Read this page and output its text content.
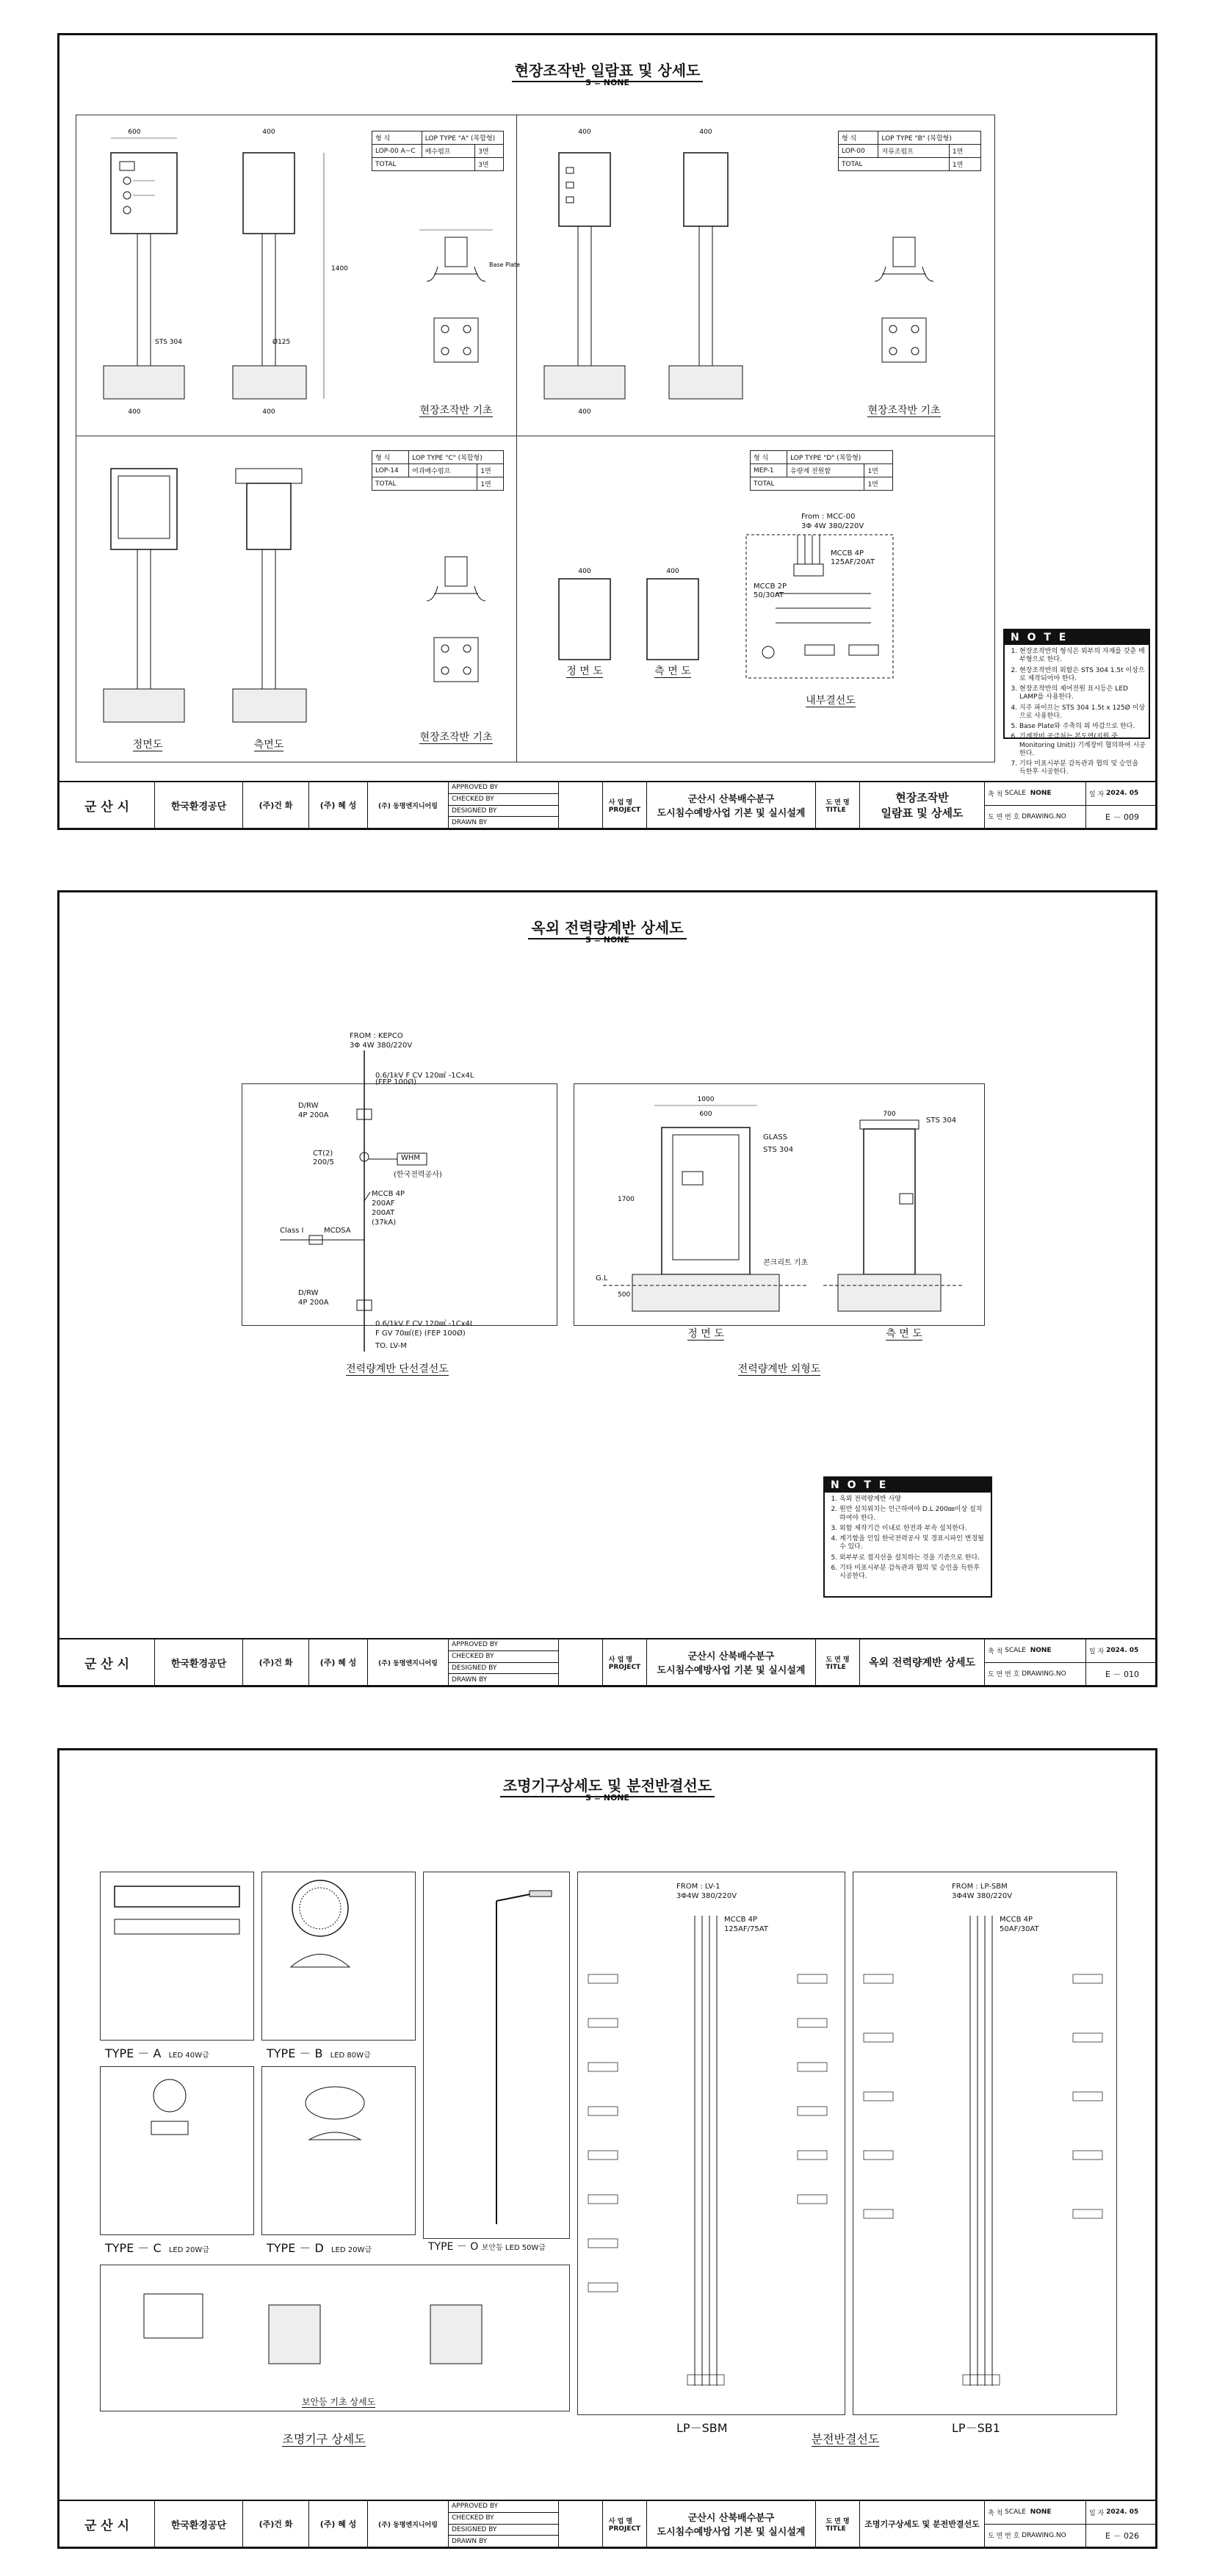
현장조작반 일람표 및 상세도
S = NONE
600	400
1400
STS 304	Ø125
400	400
형 식	LOP TYPE "A" (복합형)	
LOP-00 A~C	배수펌프	3면
TOTAL		3면
Base Plate
현장조작반 기초
400	400
400
형 식	LOP TYPE "B" (복합형)	
LOP-00	저류조펌프	1면
TOTAL		1면
현장조작반 기초
정면도	측면도
형 식	LOP TYPE "C" (복합형)	
LOP-14	여과배수펌프	1면
TOTAL		1면
현장조작반 기초
형 식	LOP TYPE "D" (복합형)	
MEP-1	유량계 전원함	1면
TOTAL		1면
400	400
정 면 도	측 면 도
From : MCC-00
3Φ 4W 380/220V
MCCB 4P
125AF/20AT
MCCB 2P
50/30AT
내부결선도
N O T E
1. 현장조작반의 형식은 외부의 자재를 갖춘 매부형으로 한다.
2. 현장조작반의 외함은 STS 304 1.5t 이상으로 제작되어야 한다.
3. 현장조작반의 제어전원 표시등은 LED LAMP를 사용한다.
4. 지주 파이프는 STS 304 1.5t x 125Ø 이상으로 사용한다.
5. Base Plate와 주축의 외 마감으로 한다.
6. 기계장비 공급처는 본도면(지원 중 Monitoring Unit)) 기계장비 협의하여 시공한다.
7. 기타 미표시부분 감독관과 협의 및 승인을 득한후 시공한다.
군 산 시	한국환경공단	(주)건 화	(주) 혜 성	(주) 동명엔지니어링
APPROVED BY
CHECKED BY
DESIGNED BY
DRAWN BY
사 업 명
PROJECT
군산시 산북배수분구
도시침수예방사업 기본 및 실시설계
도 면 명
TITLE
현장조작반
일람표 및 상세도
축 척
SCALE
NONE
도 면 번 호
DRAWING.NO
일 자
2024. 05
E － 009
옥외 전력량계반 상세도
S = NONE
FROM : KEPCO
3Φ 4W 380/220V
0.6/1kV F CV 120㎟ -1Cx4L
(FEP 100Ø)
D/RW
4P 200A
CT(2)
200/5
WHM
(한국전력공사)
MCCB 4P
200AF
200AT
(37kA)
Class I	MCDSA
D/RW
4P 200A
0.6/1kV F CV 120㎟ -1Cx4L
F GV 70㎟(E) (FEP 100Ø)
TO. LV-M
전력량계반 단선결선도
1000
700
1700
500
600
GLASS
STS 304
STS 304
콘크리트 기초
G.L
정 면 도	측 면 도
전력량계반 외형도
N O T E
1. 옥외 전력량계반 사양
2. 원반 설치위치는 인근하여야 D.L 200㎜이상 설치하여야 한다.
3. 외함 제작기간 이내로 한전과 부속 설치한다.
4. 계기함을 인입 한국전력공사 및 경표시파인 변경될 수 있다.
5. 외부부로 접지선을 설치하는 것을 기준으로 한다.
6. 기타 미표시부분 감독관과 협의 및 승인을 득한후 시공한다.
군 산 시	한국환경공단	(주)건 화	(주) 혜 성	(주) 동명엔지니어링
APPROVED BY
CHECKED BY
DESIGNED BY
DRAWN BY
사 업 명
PROJECT
군산시 산북배수분구
도시침수예방사업 기본 및 실시설계
도 면 명
TITLE	옥외 전력량계반 상세도
축 척
SCALE
NONE
도 면 번 호
DRAWING.NO
일 자
2024. 05
E － 010
조명기구상세도 및 분전반결선도
S = NONE
TYPE － A LED 40W급	TYPE － B LED 80W급
TYPE － C LED 20W급	TYPE － D LED 20W급	TYPE － O 보안등 LED 50W급
보안등 기초 상세도
조명기구 상세도
FROM : LV-1
3Φ4W 380/220V
MCCB 4P
125AF/75AT
FROM : LP-SBM
3Φ4W 380/220V
MCCB 4P
50AF/30AT
LP－SBM	LP－SB1
분전반결선도
군 산 시	한국환경공단	(주)건 화	(주) 혜 성	(주) 동명엔지니어링
APPROVED BY
CHECKED BY
DESIGNED BY
DRAWN BY
사 업 명
PROJECT
군산시 산북배수분구
도시침수예방사업 기본 및 실시설계
도 면 명
TITLE	조명기구상세도 및 분전반결선도
축 척
SCALE
NONE
도 면 번 호
DRAWING.NO
일 자
2024. 05
E － 026
